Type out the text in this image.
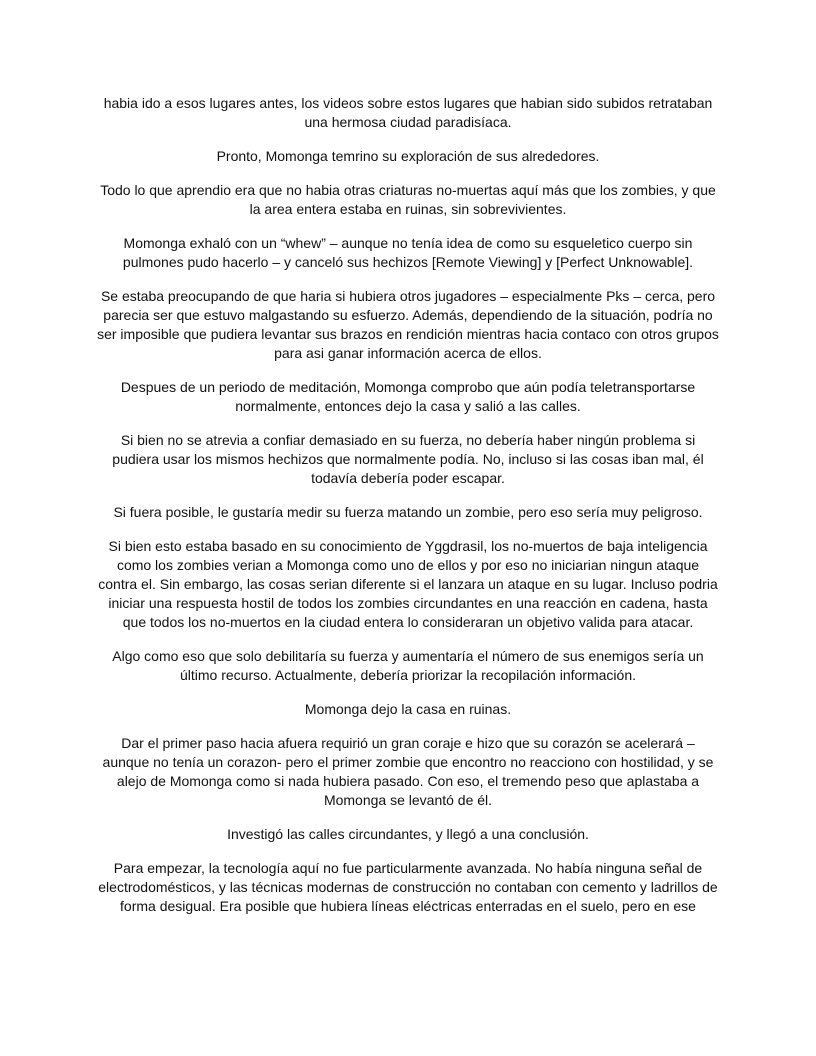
habia ido a esos lugares antes, los videos sobre estos lugares que habian sido subidos retrataban una hermosa ciudad paradisíaca.

Pronto, Momonga temrino su exploración de sus alrededores.

Todo lo que aprendio era que no habia otras criaturas no-muertas aquí más que los zombies, y que la area entera estaba en ruinas, sin sobrevivientes.

Momonga exhaló con un “whew” – aunque no tenía idea de como su esqueletico cuerpo sin pulmones pudo hacerlo – y canceló sus hechizos [Remote Viewing] y [Perfect Unknowable].

Se estaba preocupando de que haria si hubiera otros jugadores – especialmente Pks – cerca, pero parecia ser que estuvo malgastando su esfuerzo. Además, dependiendo de la situación, podría no ser imposible que pudiera levantar sus brazos en rendición mientras hacia contaco con otros grupos para asi ganar información acerca de ellos.

Despues de un periodo de meditación, Momonga comprobo que aún podía teletransportarse normalmente, entonces dejo la casa y salió a las calles.

Si bien no se atrevia a confiar demasiado en su fuerza, no debería haber ningún problema si pudiera usar los mismos hechizos que normalmente podía. No, incluso si las cosas iban mal, él todavía debería poder escapar.

Si fuera posible, le gustaría medir su fuerza matando un zombie, pero eso sería muy peligroso.

Si bien esto estaba basado en su conocimiento de Yggdrasil, los no-muertos de baja inteligencia como los zombies verian a Momonga como uno de ellos y por eso no iniciarian ningun ataque contra el. Sin embargo, las cosas serian diferente si el lanzara un ataque en su lugar. Incluso podria iniciar una respuesta hostil de todos los zombies circundantes en una reacción en cadena, hasta que todos los no-muertos en la ciudad entera lo consideraran un objetivo valida para atacar.

Algo como eso que solo debilitaría su fuerza y aumentaría el número de sus enemigos sería un último recurso. Actualmente, debería priorizar la recopilación información.

Momonga dejo la casa en ruinas.

Dar el primer paso hacia afuera requirió un gran coraje e hizo que su corazón se acelerará – aunque no tenía un corazon- pero el primer zombie que encontro no reacciono con hostilidad, y se alejo de Momonga como si nada hubiera pasado. Con eso, el tremendo peso que aplastaba a Momonga se levantó de él.

Investigó las calles circundantes, y llegó a una conclusión.

Para empezar, la tecnología aquí no fue particularmente avanzada. No había ninguna señal de electrodomésticos, y las técnicas modernas de construcción no contaban con cemento y ladrillos de forma desigual. Era posible que hubiera líneas eléctricas enterradas en el suelo, pero en ese
